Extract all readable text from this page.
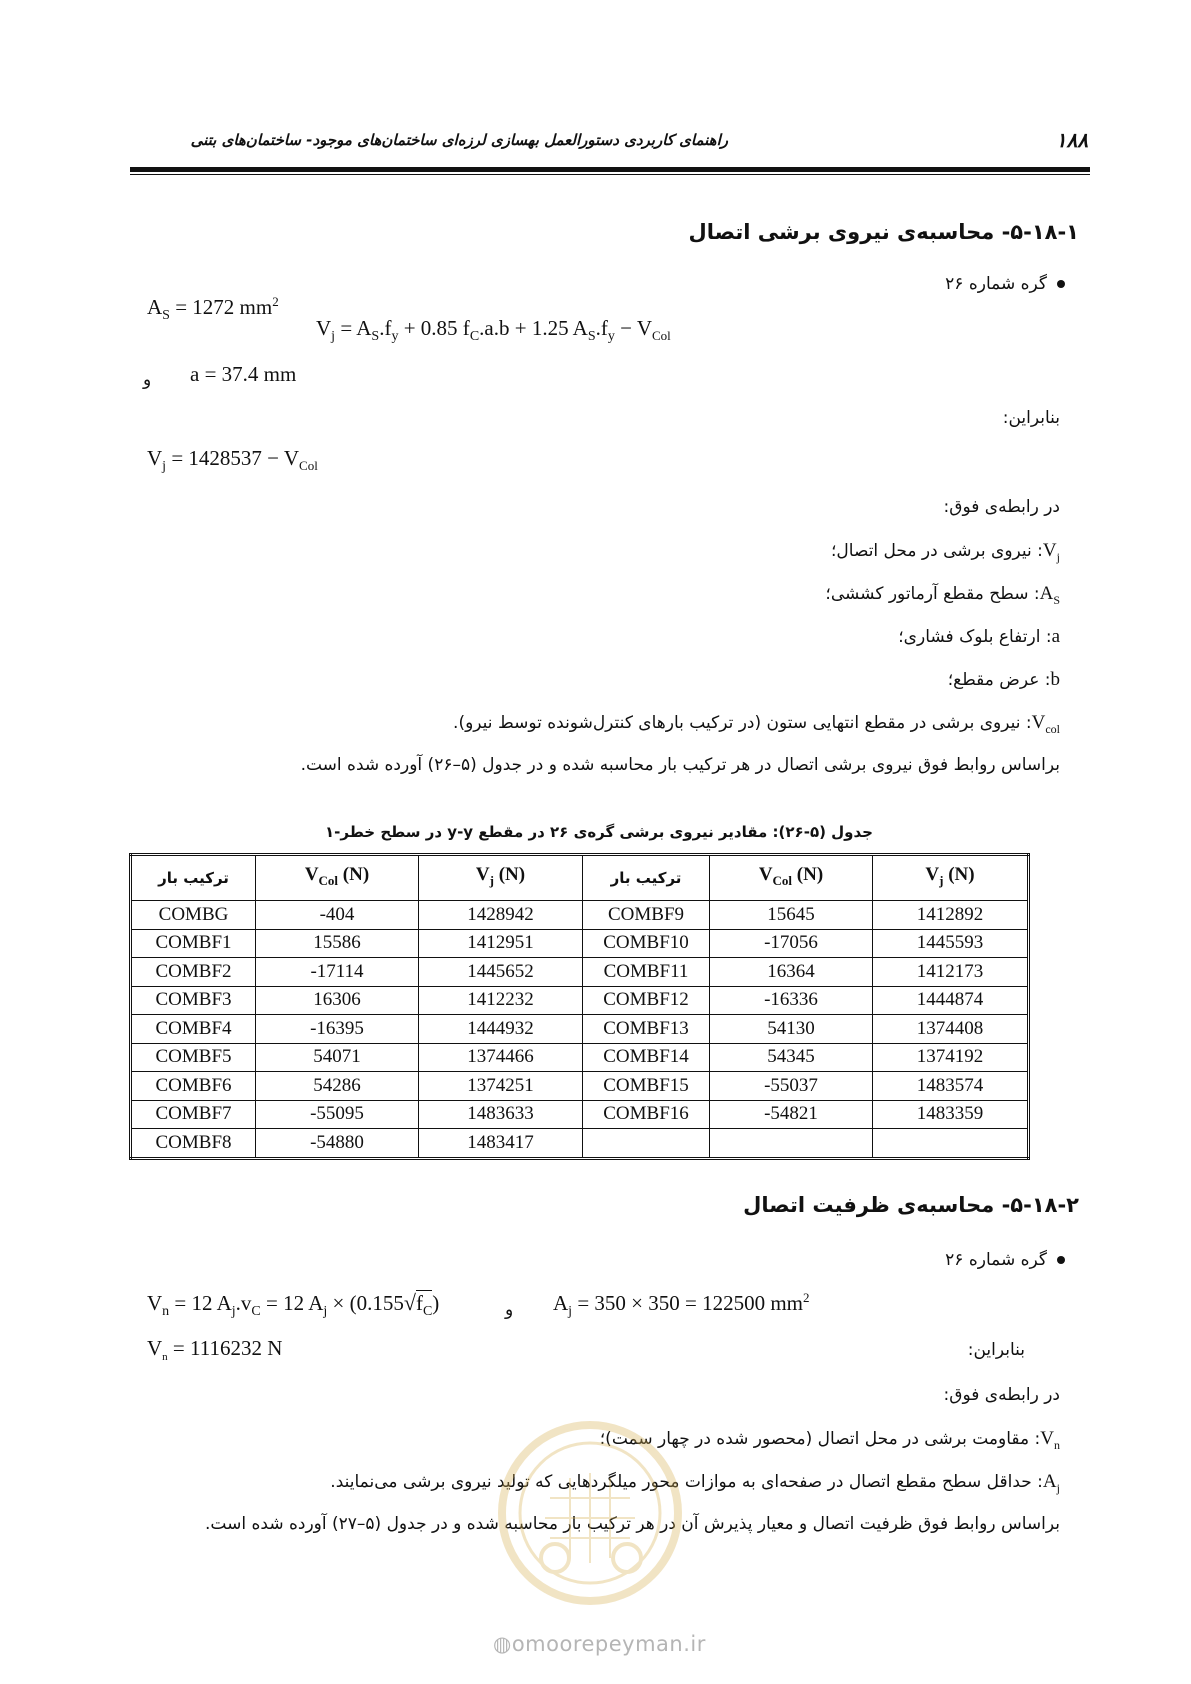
۱۸۸
راهنمای کاربردی دستورالعمل بهسازی لرزه‌ای ساختمان‌های موجود- ساختمان‌های بتنی
۵-۱۸-۱- محاسبه‌ی نیروی برشی اتصال
گره شماره ۲۶
$A_S = 1272$ $mm^2$
$V_j = A_S.f_y + 0.85$ $f_C.a.b + 1.25$ $A_S.f_y - V_{Col}$
و a = 37.4 mm
بنابراین:
$V_j = 1428537 - V_{Col}$
در رابطه‌ی فوق:
$V_j$: نیروی برشی در محل اتصال؛
$A_S$: سطح مقطع آرماتور کششی؛
a: ارتفاع بلوک فشاری؛
b: عرض مقطع؛
$V_{col}$: نیروی برشی در مقطع انتهایی ستون (در ترکیب بارهای کنترل‌شونده توسط نیرو).
براساس روابط فوق نیروی برشی اتصال در هر ترکیب بار محاسبه شده و در جدول (۵–۲۶) آورده شده است.
جدول (۵-۲۶): مقادیر نیروی برشی گره‌ی ۲۶ در مقطع y-y در سطح خطر-۱
ترکیب بار	$V_{Col}$ (N)	$V_j$ (N)	ترکیب بار	$V_{Col}$ (N)	$V_j$ (N)
COMBG	-404	1428942	COMBF9	15645	1412892
COMBF1	15586	1412951	COMBF10	-17056	1445593
COMBF2	-17114	1445652	COMBF11	16364	1412173
COMBF3	16306	1412232	COMBF12	-16336	1444874
COMBF4	-16395	1444932	COMBF13	54130	1374408
COMBF5	54071	1374466	COMBF14	54345	1374192
COMBF6	54286	1374251	COMBF15	-55037	1483574
COMBF7	-55095	1483633	COMBF16	-54821	1483359
COMBF8	-54880	1483417			
۵-۱۸-۲- محاسبه‌ی ظرفیت اتصال
گره شماره ۲۶
$V_n = 12$ $A_j.v_C = 12$ $A_j \times (0.155√f_C)$	و $A_j = 350 \times 350 = 122500$ $mm^2$
$V_n = 1116232$ N	بنابراین:
در رابطه‌ی فوق:
$V_n$: مقاومت برشی در محل اتصال (محصور شده در چهار سمت)؛
$A_j$: حداقل سطح مقطع اتصال در صفحه‌ای به موازات محور میلگردهایی که تولید نیروی برشی می‌نمایند.
براساس روابط فوق ظرفیت اتصال و معیار پذیرش آن در هر ترکیب بار محاسبه شده و در جدول (۵–۲۷) آورده شده است.
◍omoorepeyman.ir
